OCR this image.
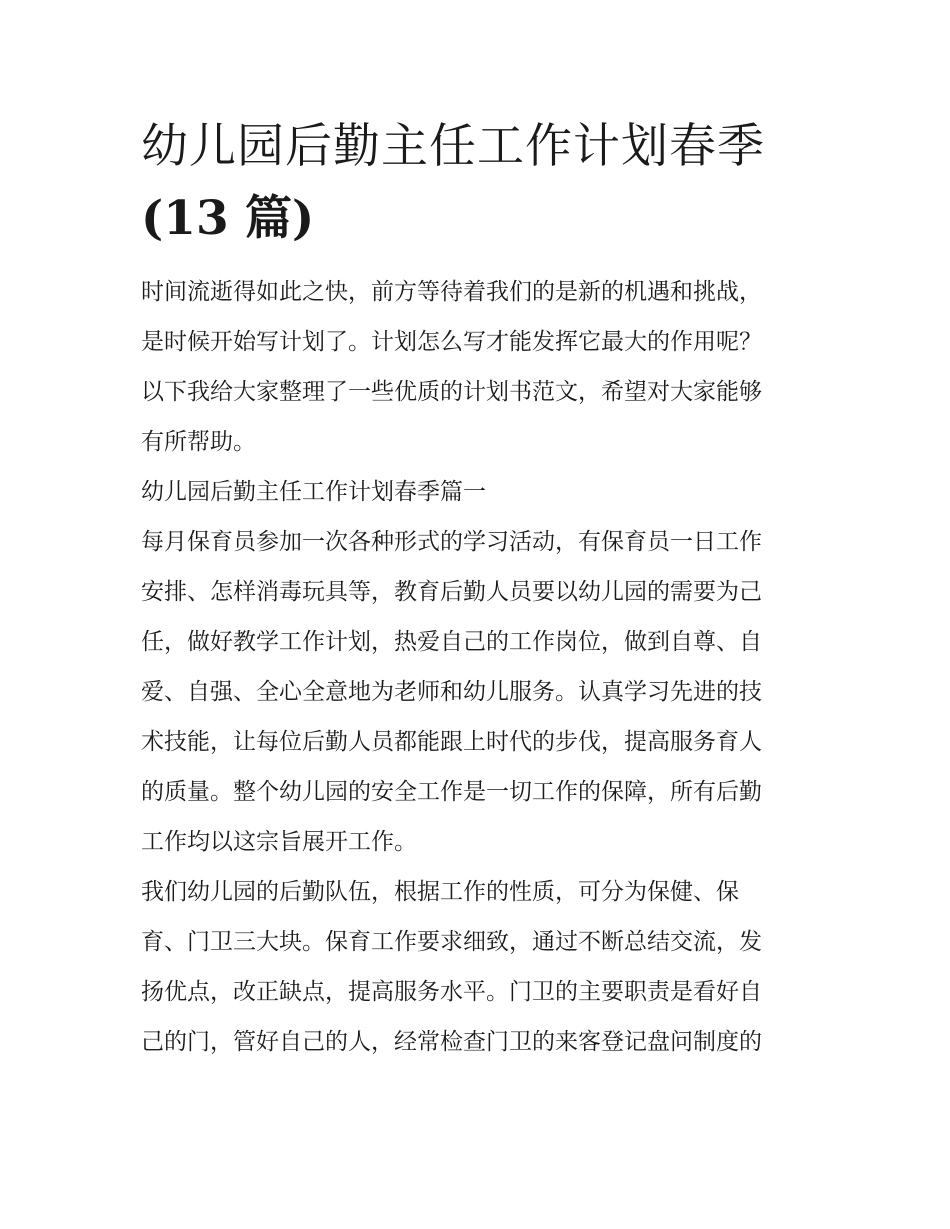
幼儿园后勤主任工作计划春季
(13 篇)
时间流逝得如此之快，前方等待着我们的是新的机遇和挑战，
是时候开始写计划了。计划怎么写才能发挥它最大的作用呢？
以下我给大家整理了一些优质的计划书范文，希望对大家能够
有所帮助。
幼儿园后勤主任工作计划春季篇一
每月保育员参加一次各种形式的学习活动，有保育员一日工作
安排、怎样消毒玩具等，教育后勤人员要以幼儿园的需要为己
任，做好教学工作计划，热爱自己的工作岗位，做到自尊、自
爱、自强、全心全意地为老师和幼儿服务。认真学习先进的技
术技能，让每位后勤人员都能跟上时代的步伐，提高服务育人
的质量。整个幼儿园的安全工作是一切工作的保障，所有后勤
工作均以这宗旨展开工作。
我们幼儿园的后勤队伍，根据工作的性质，可分为保健、保
育、门卫三大块。保育工作要求细致，通过不断总结交流，发
扬优点，改正缺点，提高服务水平。门卫的主要职责是看好自
己的门，管好自己的人，经常检查门卫的来客登记盘问制度的
